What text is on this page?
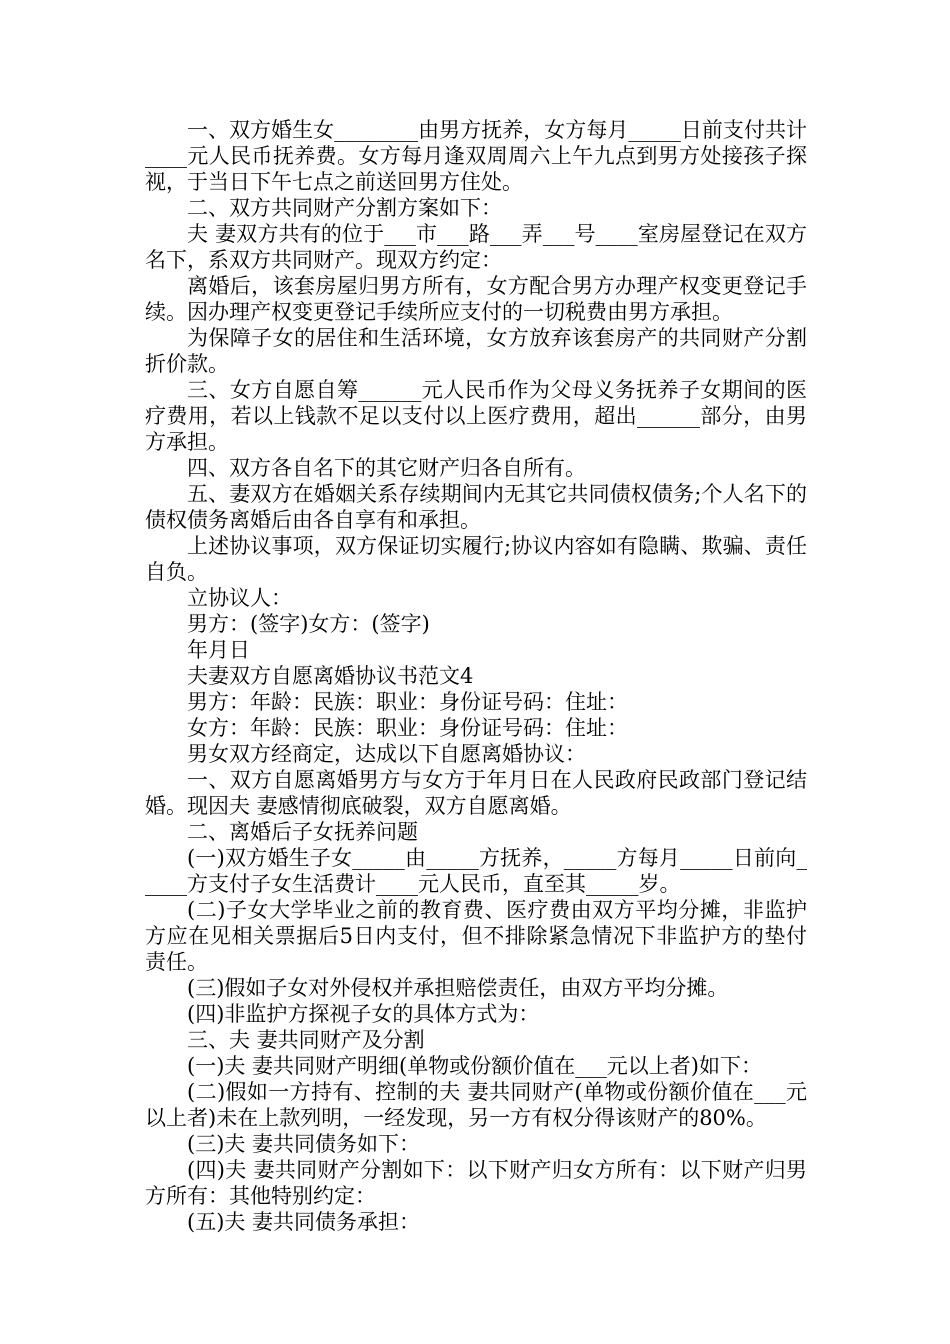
一、双方婚生女________由男方抚养，女方每月_____日前支付共计____元人民币抚养费。女方每月逢双周周六上午九点到男方处接孩子探视，于当日下午七点之前送回男方住处。

二、双方共同财产分割方案如下：

夫 妻双方共有的位于___市___路___弄___号____室房屋登记在双方名下，系双方共同财产。现双方约定：

离婚后，该套房屋归男方所有，女方配合男方办理产权变更登记手续。因办理产权变更登记手续所应支付的一切税费由男方承担。

为保障子女的居住和生活环境，女方放弃该套房产的共同财产分割折价款。

三、女方自愿自筹______元人民币作为父母义务抚养子女期间的医疗费用，若以上钱款不足以支付以上医疗费用，超出______部分，由男方承担。

四、双方各自名下的其它财产归各自所有。

五、妻双方在婚姻关系存续期间内无其它共同债权债务;个人名下的债权债务离婚后由各自享有和承担。

上述协议事项，双方保证切实履行;协议内容如有隐瞒、欺骗、责任自负。

立协议人：

男方：(签字)女方：(签字)

年月日

夫妻双方自愿离婚协议书范文4

男方：年龄：民族：职业：身份证号码：住址：

女方：年龄：民族：职业：身份证号码：住址：

男女双方经商定，达成以下自愿离婚协议：

一、双方自愿离婚男方与女方于年月日在人民政府民政部门登记结婚。现因夫 妻感情彻底破裂，双方自愿离婚。

二、离婚后子女抚养问题

(一)双方婚生子女_____由_____方抚养，_____方每月_____日前向_____方支付子女生活费计____元人民币，直至其_____岁。

(二)子女大学毕业之前的教育费、医疗费由双方平均分摊，非监护方应在见相关票据后5日内支付，但不排除紧急情况下非监护方的垫付责任。

(三)假如子女对外侵权并承担赔偿责任，由双方平均分摊。

(四)非监护方探视子女的具体方式为：

三、夫 妻共同财产及分割

(一)夫 妻共同财产明细(单物或份额价值在___元以上者)如下：

(二)假如一方持有、控制的夫 妻共同财产(单物或份额价值在___元以上者)未在上款列明，一经发现，另一方有权分得该财产的80%。

(三)夫 妻共同债务如下：

(四)夫 妻共同财产分割如下：以下财产归女方所有：以下财产归男方所有：其他特别约定：

(五)夫 妻共同债务承担：
